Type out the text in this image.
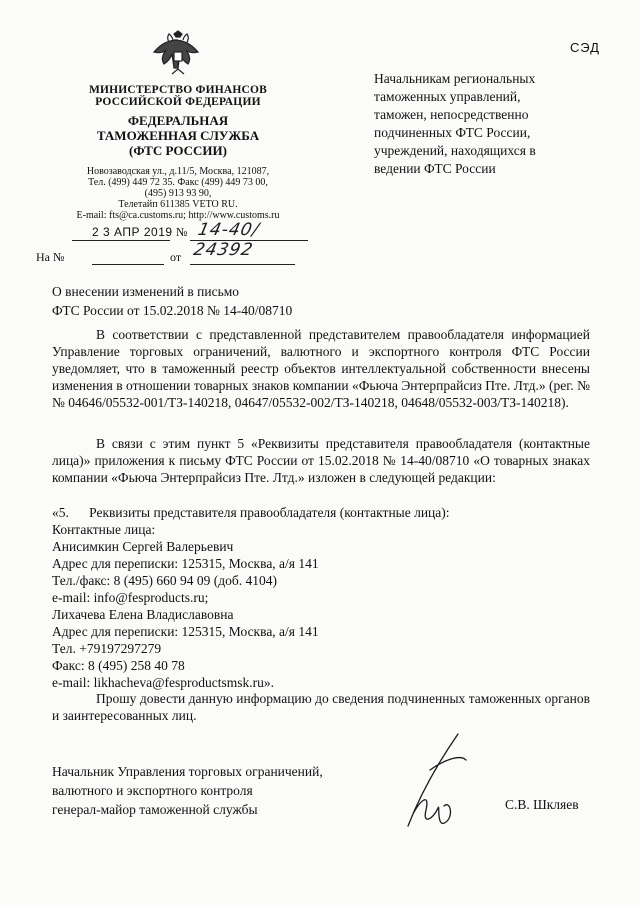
СЭД
МИНИСТЕРСТВО ФИНАНСОВ
РОССИЙСКОЙ ФЕДЕРАЦИИ
ФЕДЕРАЛЬНАЯ
ТАМОЖЕННАЯ СЛУЖБА
(ФТС РОССИИ)
Новозаводская ул., д.11/5, Москва, 121087,
Тел. (499) 449 72 35. Факс (499) 449 73 00,
(495) 913 93 90,
Телетайп 611385 VETO RU.
E-mail: fts@ca.customs.ru; http://www.customs.ru
2 3 АПР 2019 № 14-40/ 24392
На №	от
Начальникам региональных таможенных управлений, таможен, непосредственно подчиненных ФТС России, учреждений, находящихся в ведении ФТС России
О внесении изменений в письмо
ФТС России от 15.02.2018 № 14-40/08710
В соответствии с представленной представителем правообладателя информацией Управление торговых ограничений, валютного и экспортного контроля ФТС России уведомляет, что в таможенный реестр объектов интеллектуальной собственности внесены изменения в отношении товарных знаков компании «Фьюча Энтерпрайсиз Пте. Лтд.» (рег. №№ 04646/05532-001/ТЗ-140218, 04647/05532-002/ТЗ-140218, 04648/05532-003/ТЗ-140218).
В связи с этим пункт 5 «Реквизиты представителя правообладателя (контактные лица)» приложения к письму ФТС России от 15.02.2018 № 14-40/08710 «О товарных знаках компании «Фьюча Энтерпрайсиз Пте. Лтд.» изложен в следующей редакции:
«5.      Реквизиты представителя правообладателя (контактные лица):
Контактные лица:
Анисимкин Сергей Валерьевич
Адрес для переписки: 125315, Москва, а/я 141
Тел./факс: 8 (495) 660 94 09 (доб. 4104)
e-mail: info@fesproducts.ru;
Лихачева Елена Владиславовна
Адрес для переписки: 125315, Москва, а/я 141
Тел. +79197297279
Факс: 8 (495) 258 40 78
e-mail: likhacheva@fesproductsmsk.ru».
Прошу довести данную информацию до сведения подчиненных таможенных органов и заинтересованных лиц.
Начальник Управления торговых ограничений,
валютного и экспортного контроля
генерал-майор таможенной службы	С.В. Шкляев
